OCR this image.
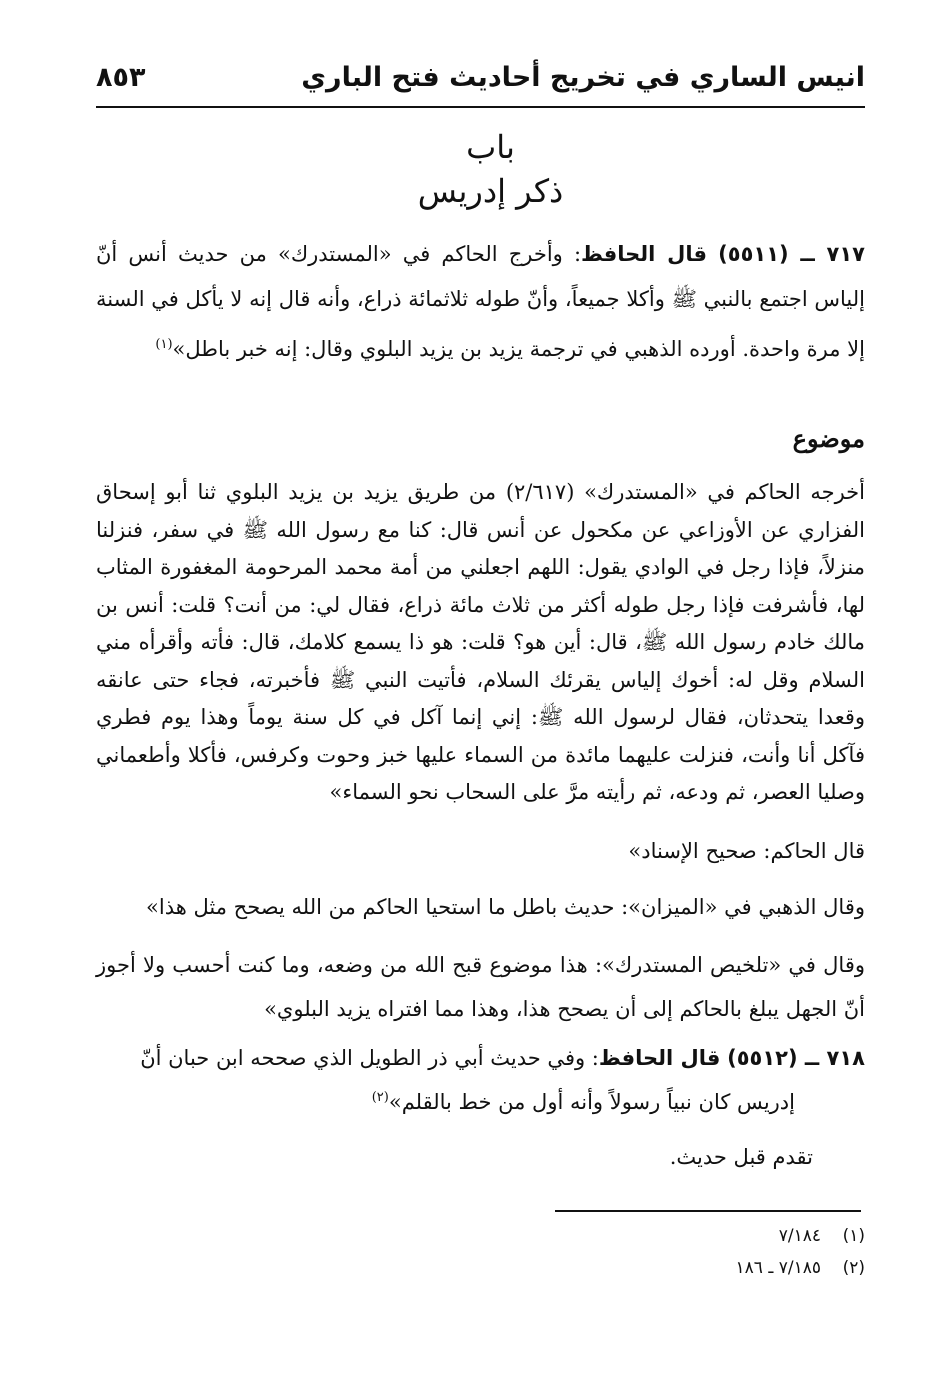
انيس الساري في تخريج أحاديث فتح الباري
٨٥٣
باب
ذكر إدريس
٧١٧ ــ (٥٥١١) قال الحافظ: وأخرج الحاكم في «المستدرك» من حديث أنس أنّ إلياس اجتمع بالنبي ﷺ وأكلا جميعاً، وأنّ طوله ثلاثمائة ذراع، وأنه قال إنه لا يأكل في السنة إلا مرة واحدة. أورده الذهبي في ترجمة يزيد بن يزيد البلوي وقال: إنه خبر باطل»$^{(١)}$
موضوع
أخرجه الحاكم في «المستدرك» (٢/٦١٧) من طريق يزيد بن يزيد البلوي ثنا أبو إسحاق الفزاري عن الأوزاعي عن مكحول عن أنس قال: كنا مع رسول الله ﷺ في سفر، فنزلنا منزلاً، فإذا رجل في الوادي يقول: اللهم اجعلني من أمة محمد المرحومة المغفورة المثاب لها، فأشرفت فإذا رجل طوله أكثر من ثلاث مائة ذراع، فقال لي: من أنت؟ قلت: أنس بن مالك خادم رسول الله ﷺ، قال: أين هو؟ قلت: هو ذا يسمع كلامك، قال: فأته وأقرأه مني السلام وقل له: أخوك إلياس يقرئك السلام، فأتيت النبي ﷺ فأخبرته، فجاء حتى عانقه وقعدا يتحدثان، فقال لرسول الله ﷺ: إني إنما آكل في كل سنة يوماً وهذا يوم فطري فآكل أنا وأنت، فنزلت عليهما مائدة من السماء عليها خبز وحوت وكرفس، فأكلا وأطعماني وصليا العصر، ثم ودعه، ثم رأيته مرَّ على السحاب نحو السماء»
قال الحاكم: صحيح الإسناد»
وقال الذهبي في «الميزان»: حديث باطل ما استحيا الحاكم من الله يصحح مثل هذا»
وقال في «تلخيص المستدرك»: هذا موضوع قبح الله من وضعه، وما كنت أحسب ولا أجوز أنّ الجهل يبلغ بالحاكم إلى أن يصحح هذا، وهذا مما افتراه يزيد البلوي»
٧١٨ ــ (٥٥١٢) قال الحافظ: وفي حديث أبي ذر الطويل الذي صححه ابن حبان أنّ
إدريس كان نبياً رسولاً وأنه أول من خط بالقلم»$^{(٢)}$
تقدم قبل حديث.
(١)٧/١٨٤
(٢)٧/١٨٥ ـ ١٨٦
